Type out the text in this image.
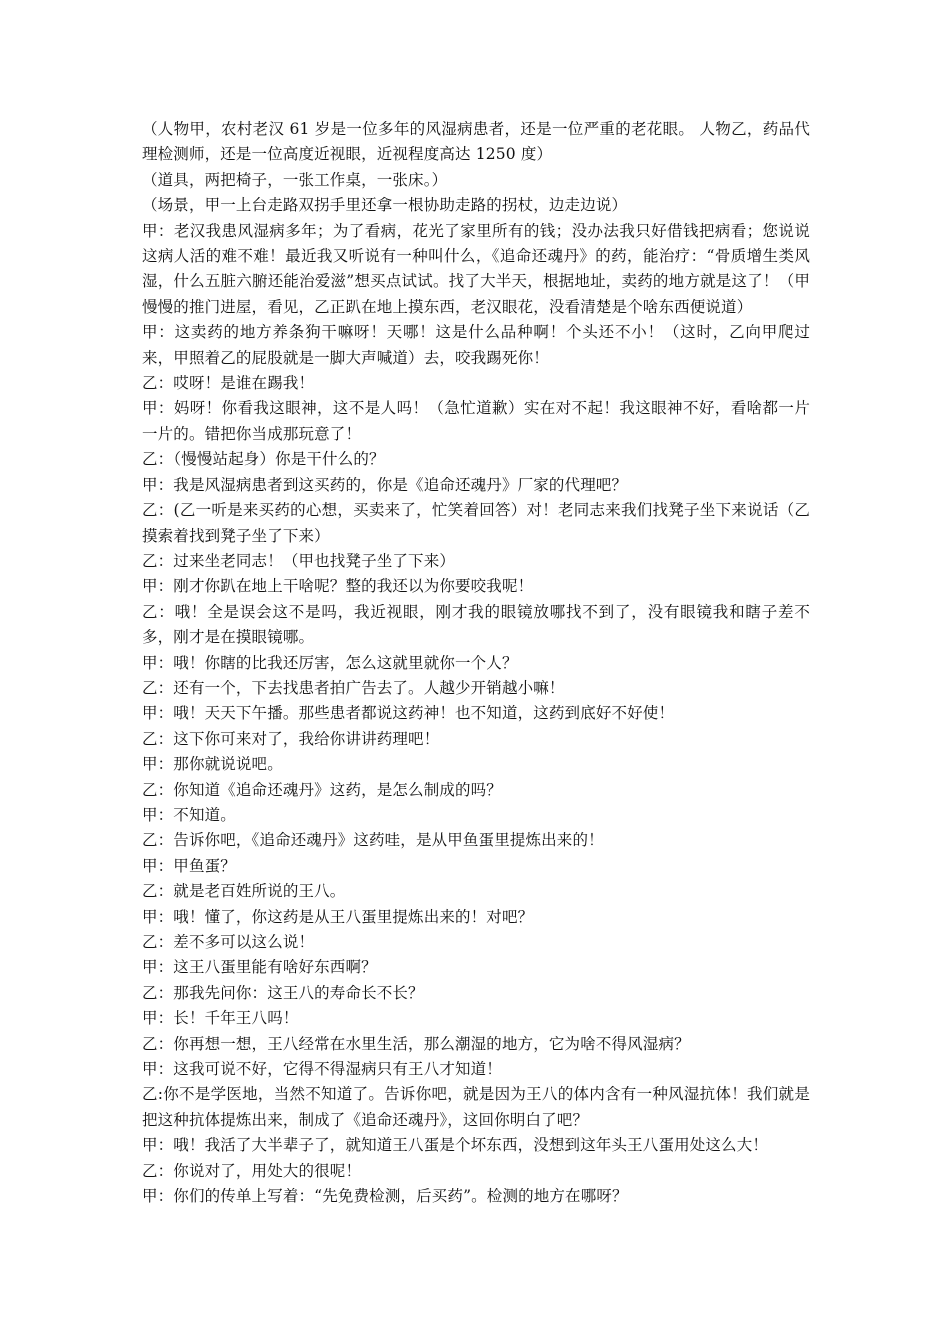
（人物甲，农村老汉 61 岁是一位多年的风湿病患者，还是一位严重的老花眼。 人物乙，药品代理检测师，还是一位高度近视眼，近视程度高达 1250 度）

（道具，两把椅子，一张工作桌，一张床。）

（场景，甲一上台走路双拐手里还拿一根协助走路的拐杖，边走边说）

甲：老汉我患风湿病多年；为了看病，花光了家里所有的钱；没办法我只好借钱把病看；您说说这病人活的难不难！最近我又听说有一种叫什么，《追命还魂丹》的药，能治疗：“骨质增生类风湿，什么五脏六腑还能治爱滋”想买点试试。找了大半天，根据地址，卖药的地方就是这了！（甲慢慢的推门进屋，看见，乙正趴在地上摸东西，老汉眼花，没看清楚是个啥东西便说道）

甲：这卖药的地方养条狗干嘛呀！天哪！这是什么品种啊！个头还不小！（这时，乙向甲爬过来，甲照着乙的屁股就是一脚大声喊道）去，咬我踢死你！

乙：哎呀！是谁在踢我！

甲：妈呀！你看我这眼神，这不是人吗！（急忙道歉）实在对不起！我这眼神不好，看啥都一片一片的。错把你当成那玩意了！

乙：（慢慢站起身）你是干什么的？

甲：我是风湿病患者到这买药的，你是《追命还魂丹》厂家的代理吧？

乙：(乙一听是来买药的心想，买卖来了，忙笑着回答）对！老同志来我们找凳子坐下来说话（乙摸索着找到凳子坐了下来）

乙：过来坐老同志！（甲也找凳子坐了下来）

甲：刚才你趴在地上干啥呢？整的我还以为你要咬我呢！

乙：哦！全是误会这不是吗，我近视眼，刚才我的眼镜放哪找不到了，没有眼镜我和瞎子差不多，刚才是在摸眼镜哪。

甲：哦！你瞎的比我还厉害，怎么这就里就你一个人？

乙：还有一个，下去找患者拍广告去了。人越少开销越小嘛！

甲：哦！天天下午播。那些患者都说这药神！也不知道，这药到底好不好使！

乙：这下你可来对了，我给你讲讲药理吧！

甲：那你就说说吧。

乙：你知道《追命还魂丹》这药，是怎么制成的吗？

甲：不知道。

乙：告诉你吧，《追命还魂丹》这药哇，是从甲鱼蛋里提炼出来的！

甲：甲鱼蛋？

乙：就是老百姓所说的王八。

甲：哦！懂了，你这药是从王八蛋里提炼出来的！对吧？

乙：差不多可以这么说！

甲：这王八蛋里能有啥好东西啊？

乙：那我先问你：这王八的寿命长不长？

甲：长！千年王八吗！

乙：你再想一想，王八经常在水里生活，那么潮湿的地方，它为啥不得风湿病？

甲：这我可说不好，它得不得湿病只有王八才知道！

乙:你不是学医地，当然不知道了。告诉你吧，就是因为王八的体内含有一种风湿抗体！我们就是把这种抗体提炼出来，制成了《追命还魂丹》，这回你明白了吧？

甲：哦！我活了大半辈子了，就知道王八蛋是个坏东西，没想到这年头王八蛋用处这么大！

乙：你说对了，用处大的很呢！

甲：你们的传单上写着：“先免费检测，后买药”。检测的地方在哪呀？
